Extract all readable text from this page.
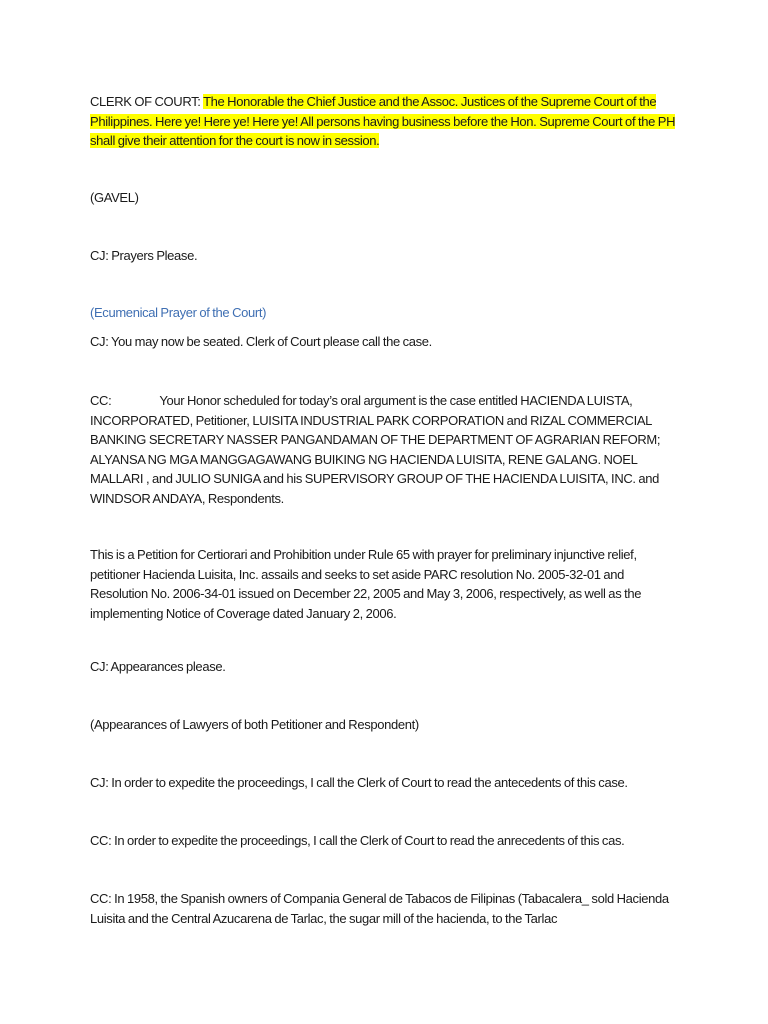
CLERK OF COURT: The Honorable the Chief Justice and the Assoc. Justices of the Supreme Court of the Philippines. Here ye! Here ye! Here ye! All persons having business before the Hon. Supreme Court of the PH shall give their attention for the court is now in session.

(GAVEL)

CJ: Prayers Please.

(Ecumenical Prayer of the Court)

CJ: You may now be seated. Clerk of Court please call the case.

CC:	Your Honor scheduled for today’s oral argument is the case entitled HACIENDA LUISTA, INCORPORATED, Petitioner, LUISITA INDUSTRIAL PARK CORPORATION and RIZAL COMMERCIAL BANKING SECRETARY NASSER PANGANDAMAN OF THE DEPARTMENT OF AGRARIAN REFORM; ALYANSA NG MGA MANGGAGAWANG BUIKING NG HACIENDA LUISITA, RENE GALANG. NOEL MALLARI , and JULIO SUNIGA and his SUPERVISORY GROUP OF THE HACIENDA LUISITA, INC. and WINDSOR ANDAYA, Respondents.

This is a Petition for Certiorari and Prohibition under Rule 65 with prayer for preliminary injunctive relief, petitioner Hacienda Luisita, Inc. assails and seeks to set aside PARC resolution No. 2005-32-01 and Resolution No. 2006-34-01 issued on December 22, 2005 and May 3, 2006, respectively, as well as the implementing Notice of Coverage dated January 2, 2006.

CJ: Appearances please.

(Appearances of Lawyers of both Petitioner and Respondent)

CJ: In order to expedite the proceedings, I call the Clerk of Court to read the antecedents of this case.

CC: In order to expedite the proceedings, I call the Clerk of Court to read the anrecedents of this cas.

CC: In 1958, the Spanish owners of Compania General de Tabacos de Filipinas (Tabacalera_ sold Hacienda Luisita and the Central Azucarena de Tarlac, the sugar mill of the hacienda, to the Tarlac
